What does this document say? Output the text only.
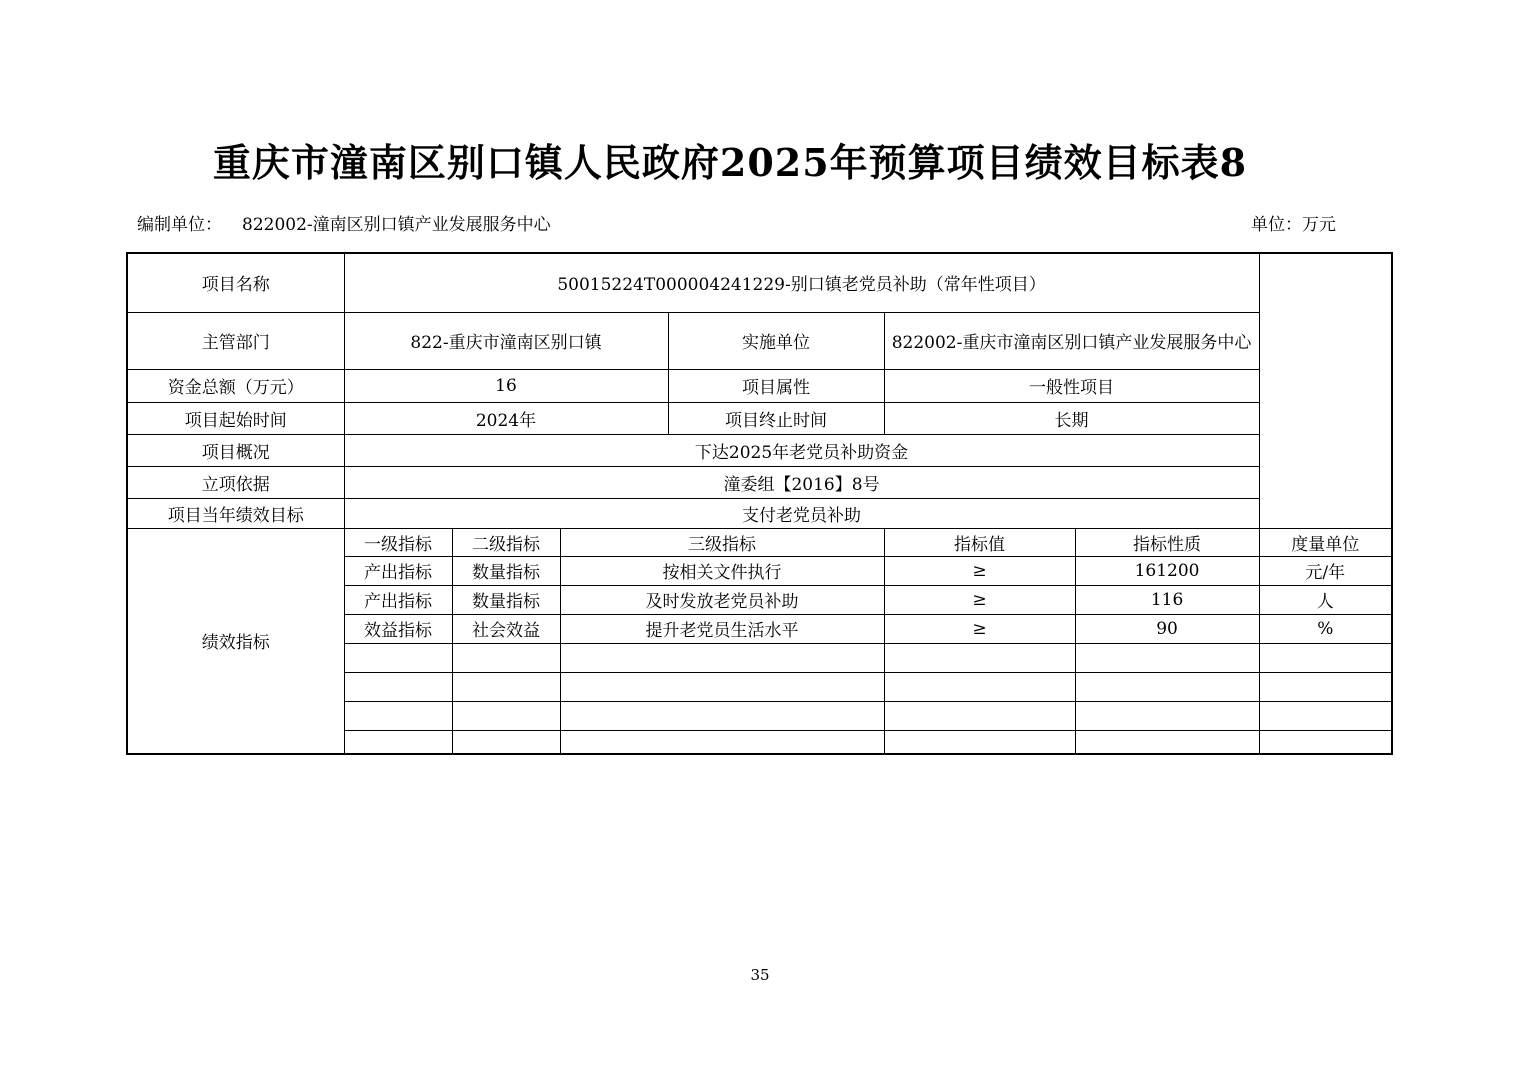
重庆市潼南区别口镇人民政府2025年预算项目绩效目标表8
编制单位： 822002-潼南区别口镇产业发展服务中心	单位：万元
项目名称	50015224T000004241229-别口镇老党员补助（常年性项目）						
主管部门	822-重庆市潼南区别口镇			实施单位	822002-重庆市潼南区别口镇产业发展服务中心		
资金总额（万元）	16			项目属性	一般性项目		
项目起始时间	2024年			项目终止时间	长期		
项目概况	下达2025年老党员补助资金						
立项依据	潼委组【2016】8号						
项目当年绩效目标	支付老党员补助						
绩效指标	一级指标	二级指标	三级指标		指标值	指标性质	度量单位
	产出指标	数量指标	按相关文件执行		≥	161200	元/年
	产出指标	数量指标	及时发放老党员补助		≥	116	人
	效益指标	社会效益	提升老党员生活水平		≥	90	%

35
